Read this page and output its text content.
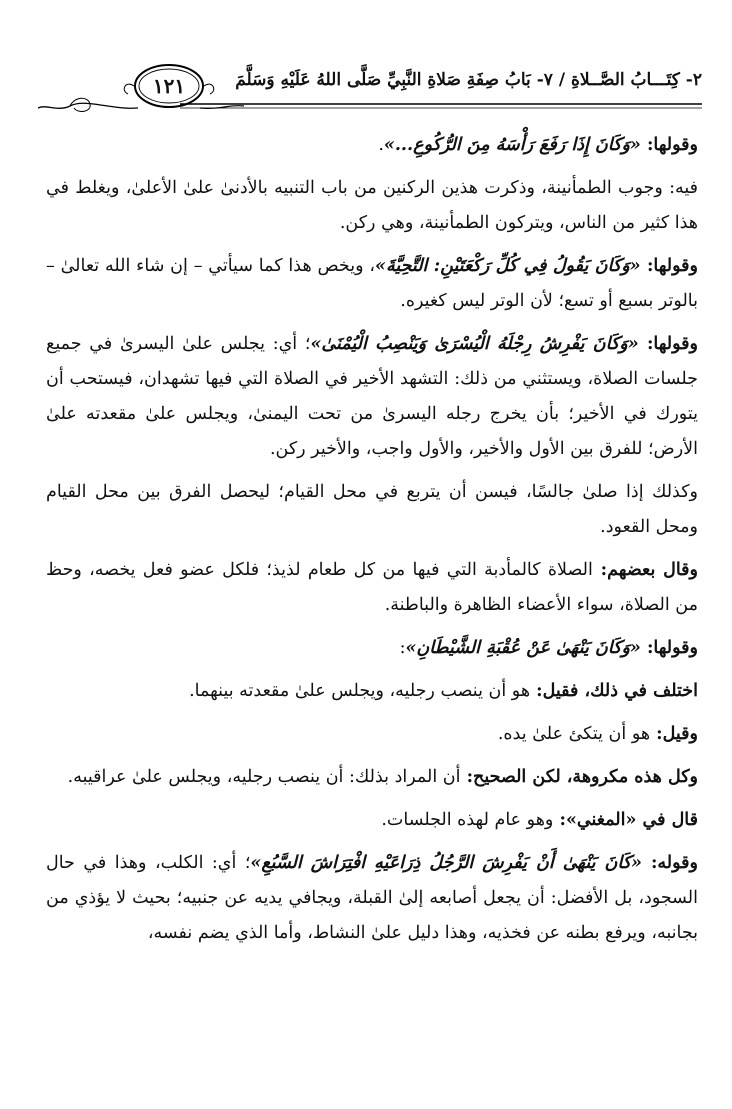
١٢١	٢- كِتَـــابُ الصَّــلاةِ / ٧- بَابُ صِفَةِ صَلاةِ النَّبِيِّ صَلَّى اللهُ عَلَيْهِ وَسَلَّمَ

وقولها: «وَكَانَ إِذَا رَفَعَ رَأْسَهُ مِنَ الرُّكُوعِ...».

فيه: وجوب الطمأنينة، وذكرت هذين الركنين من باب التنبيه بالأدنىٰ علىٰ الأعلىٰ، ويغلط في هذا كثير من الناس، ويتركون الطمأنينة، وهي ركن.

وقولها: «وَكَانَ يَقُولُ فِي كُلِّ رَكْعَتَيْنِ: التَّحِيَّةَ»، ويخص هذا كما سيأتي – إن شاء الله تعالىٰ – بالوتر بسبع أو تسع؛ لأن الوتر ليس كغيره.

وقولها: «وَكَانَ يَفْرِشُ رِجْلَهُ الْيُسْرَىٰ وَيَنْصِبُ الْيُمْنَىٰ»؛ أي: يجلس علىٰ اليسرىٰ في جميع جلسات الصلاة، ويستثني من ذلك: التشهد الأخير في الصلاة التي فيها تشهدان، فيستحب أن يتورك في الأخير؛ بأن يخرج رجله اليسرىٰ من تحت اليمنىٰ، ويجلس علىٰ مقعدته علىٰ الأرض؛ للفرق بين الأول والأخير، والأول واجب، والأخير ركن.

وكذلك إذا صلىٰ جالسًا، فيسن أن يتربع في محل القيام؛ ليحصل الفرق بين محل القيام ومحل القعود.

وقال بعضهم: الصلاة كالمأدبة التي فيها من كل طعام لذيذ؛ فلكل عضو فعل يخصه، وحظ من الصلاة، سواء الأعضاء الظاهرة والباطنة.

وقولها: «وَكَانَ يَنْهَىٰ عَنْ عُقْبَةِ الشَّيْطَانِ»:

اختلف في ذلك، فقيل: هو أن ينصب رجليه، ويجلس علىٰ مقعدته بينهما.

وقيل: هو أن يتكئ علىٰ يده.

وكل هذه مكروهة، لكن الصحيح: أن المراد بذلك: أن ينصب رجليه، ويجلس علىٰ عراقيبه.

قال في «المغني»: وهو عام لهذه الجلسات.

وقوله: «كَانَ يَنْهَىٰ أَنْ يَفْرِشَ الرَّجُلُ ذِرَاعَيْهِ افْتِرَاشَ السَّبُعِ»؛ أي: الكلب، وهذا في حال السجود، بل الأفضل: أن يجعل أصابعه إلىٰ القبلة، ويجافي يديه عن جنبيه؛ بحيث لا يؤذي من بجانبه، ويرفع بطنه عن فخذيه، وهذا دليل علىٰ النشاط، وأما الذي يضم نفسه،
